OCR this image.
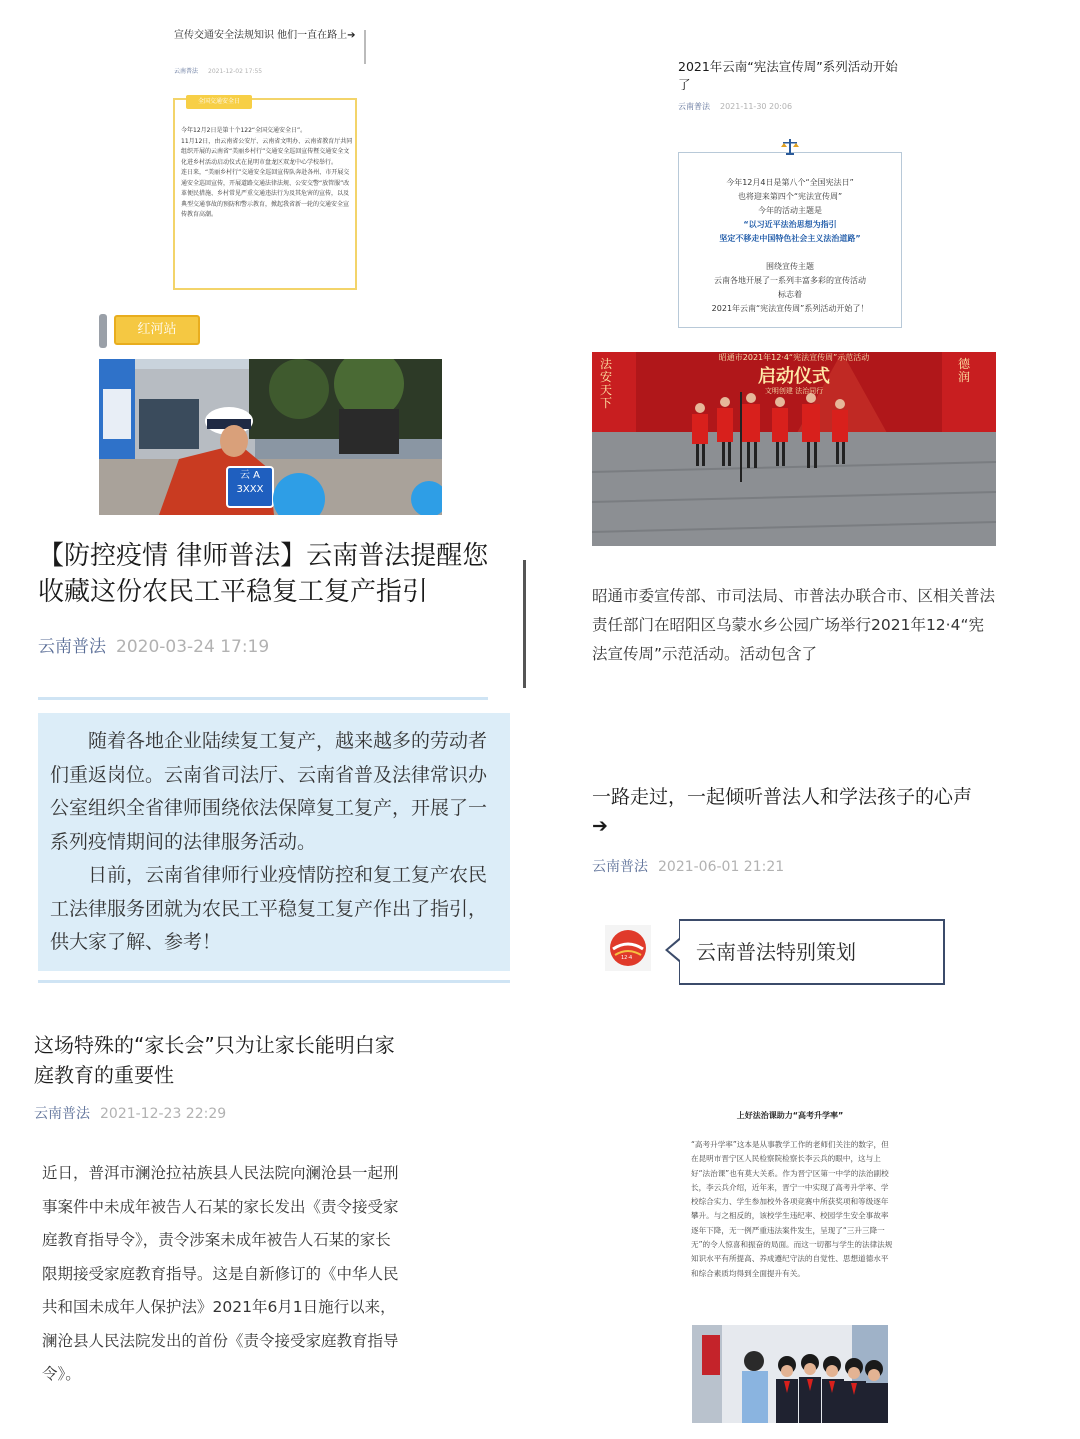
宣传交通安全法规知识 他们一直在路上➔
云南普法 2021-12-02 17:55
全国交通安全日

今年12月2日是第十个122“全国交通安全日”。

11月12日，由云南省公安厅、云南省文明办、云南省教育厅共同组织开展的云南省“美丽乡村行”交通安全巡回宣传暨交通安全文化进乡村活动启动仪式在昆明市盘龙区双龙中心学校举行。

连日来，“美丽乡村行”交通安全巡回宣传队奔赴各州、市开展交通安全巡回宣传，开展道路交通法律法规、公安交警“放管服”改革便民措施、乡村常见严重交通违法行为及其危害的宣传，以及典型交通事故的预防和警示教育，掀起我省新一轮的交通安全宣传教育高潮。

红河站
云 A
3XXX
【防控疫情 律师普法】云南普法提醒您收藏这份农民工平稳复工复产指引
云南普法 2020-03-24 17:19

随着各地企业陆续复工复产，越来越多的劳动者们重返岗位。云南省司法厅、云南省普及法律常识办公室组织全省律师围绕依法保障复工复产，开展了一系列疫情期间的法律服务活动。

日前，云南省律师行业疫情防控和复工复产农民工法律服务团就为农民工平稳复工复产作出了指引，供大家了解、参考！

这场特殊的“家长会”只为让家长能明白家庭教育的重要性
云南普法 2021-12-23 22:29

近日，普洱市澜沧拉祜族县人民法院向澜沧县一起刑事案件中未成年被告人石某的家长发出《责令接受家庭教育指导令》，责令涉案未成年被告人石某的家长限期接受家庭教育指导。这是自新修订的《中华人民共和国未成年人保护法》2021年6月1日施行以来，澜沧县人民法院发出的首份《责令接受家庭教育指导令》。

2021年云南“宪法宣传周”系列活动开始了
云南普法 2021-11-30 20:06
今年12月4日是第八个“全国宪法日”
也将迎来第四个“宪法宣传周”
今年的活动主题是
“以习近平法治思想为指引
坚定不移走中国特色社会主义法治道路”
围绕宣传主题
云南各地开展了一系列丰富多彩的宣传活动
标志着
2021年云南“宪法宣传周”系列活动开始了！
昭通市2021年12·4“宪法宣传周”示范活动
启动仪式
文明创建 法治同行
法安天下
德润

昭通市委宣传部、市司法局、市普法办联合市、区相关普法责任部门在昭阳区乌蒙水乡公园广场举行2021年12·4“宪法宣传周”示范活动。活动包含了

一路走过，一起倾听普法人和学法孩子的心声➔
云南普法 2021-06-01 21:21
12·4	云南普法特别策划
上好法治课助力“高考升学率”

“高考升学率”这本是从事教学工作的老师们关注的数字，但在昆明市晋宁区人民检察院检察长李云兵的眼中，这与上好“法治课”也有莫大关系。作为晋宁区第一中学的法治副校长，李云兵介绍，近年来，晋宁一中实现了高考升学率、学校综合实力、学生参加校外各项竞赛中所获奖项和等级逐年攀升。与之相反的，该校学生违纪率、校园学生安全事故率逐年下降，无一例严重违法案件发生，呈现了“三升三降一无”的令人惊喜和振奋的局面。而这一切都与学生的法律法规知识水平有所提高、养成遵纪守法的自觉性、思想道德水平和综合素质均得到全面提升有关。
